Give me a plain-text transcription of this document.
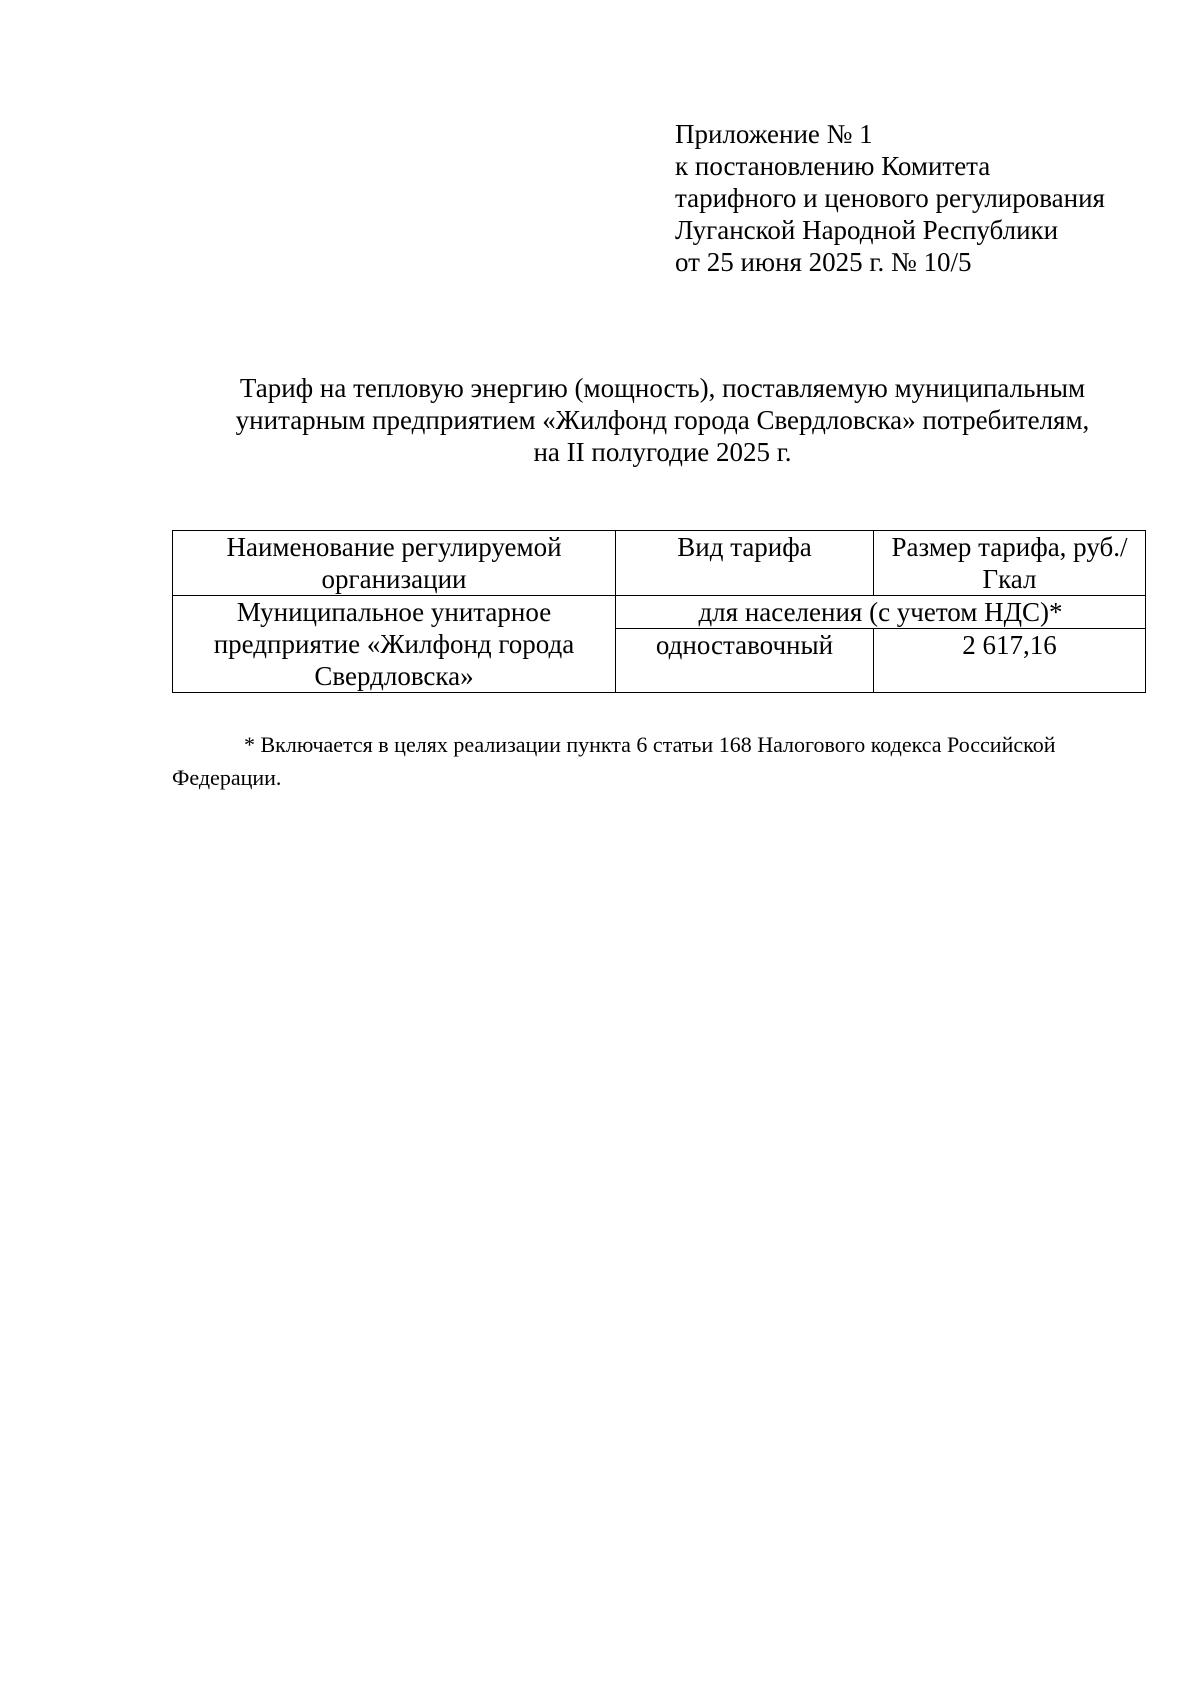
Приложение № 1
к постановлению Комитета
тарифного и ценового регулирования
Луганской Народной Республики
от 25 июня 2025 г. № 10/5
Тариф на тепловую энергию (мощность), поставляемую муниципальным
унитарным предприятием «Жилфонд города Свердловска» потребителям,
на II полугодие 2025 г.
Наименование регулируемой организации	Вид тарифа	Размер тарифа, руб./Гкал
Муниципальное унитарное предприятие «Жилфонд города Свердловска»	для населения (с учетом НДС)*	
	одноставочный	2 617,16
* Включается в целях реализации пункта 6 статьи 168 Налогового кодекса Российской Федерации.
